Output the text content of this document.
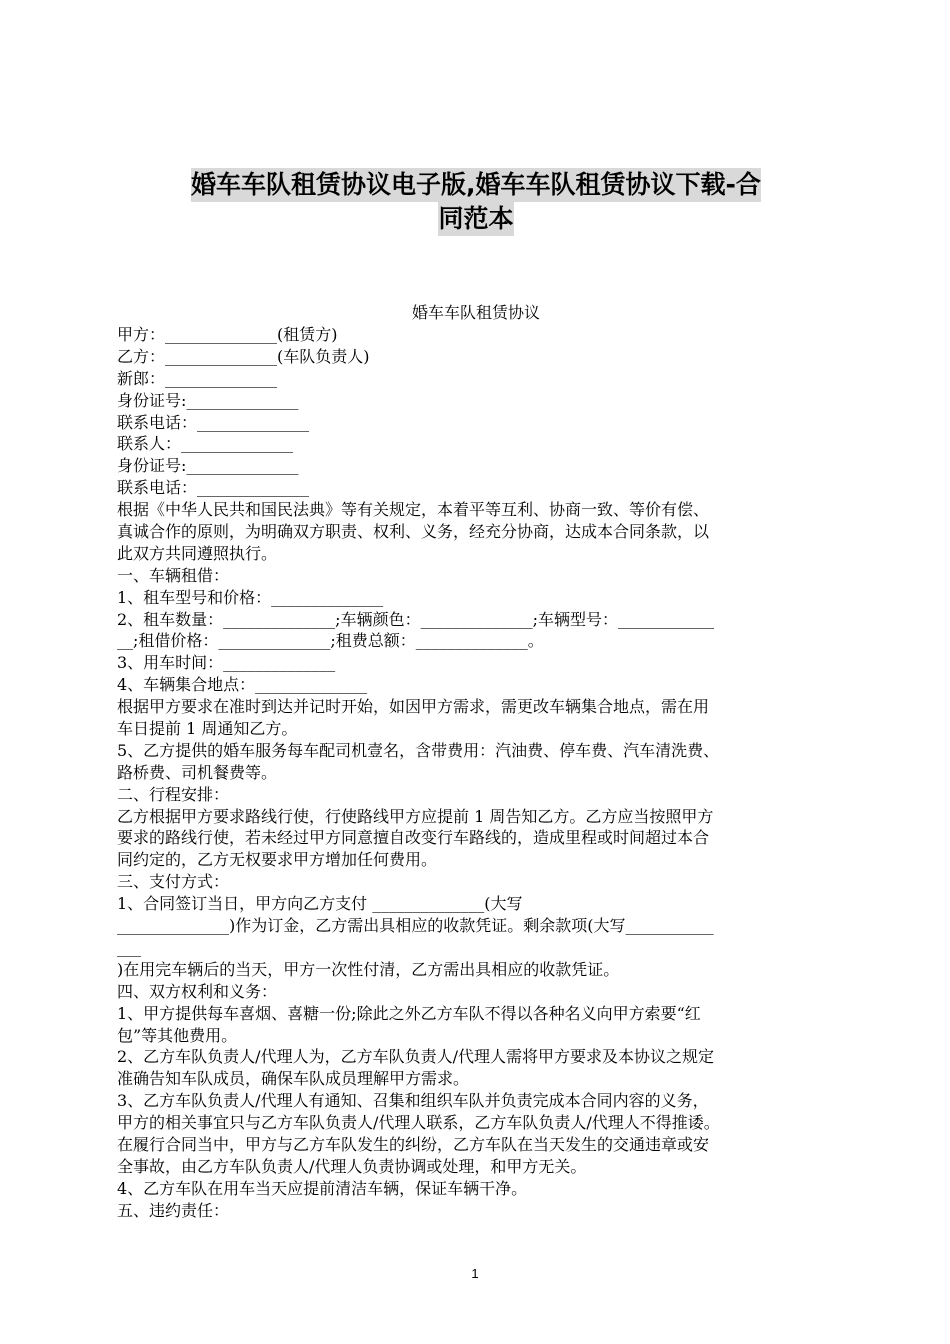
婚车车队租赁协议电子版,婚车车队租赁协议下载-合
同范本
婚车车队租赁协议
甲方：______________(租赁方)
乙方：______________(车队负责人)
新郎：______________
身份证号:______________
联系电话：______________
联系人：______________
身份证号:______________
联系电话：______________
根据《中华人民共和国民法典》等有关规定，本着平等互利、协商一致、等价有偿、
真诚合作的原则，为明确双方职责、权利、义务，经充分协商，达成本合同条款，以
此双方共同遵照执行。
一、车辆租借：
1、租车型号和价格：______________
2、租车数量：______________;车辆颜色：______________;车辆型号：____________
__;租借价格：______________;租费总额：______________。
3、用车时间：______________
4、车辆集合地点：______________
根据甲方要求在准时到达并记时开始，如因甲方需求，需更改车辆集合地点，需在用
车日提前 1 周通知乙方。
5、乙方提供的婚车服务每车配司机壹名，含带费用：汽油费、停车费、汽车清洗费、
路桥费、司机餐费等。
二、行程安排：
乙方根据甲方要求路线行使，行使路线甲方应提前 1 周告知乙方。乙方应当按照甲方
要求的路线行使，若未经过甲方同意擅自改变行车路线的，造成里程或时间超过本合
同约定的，乙方无权要求甲方增加任何费用。
三、支付方式：
1、合同签订当日，甲方向乙方支付 ______________(大写
______________)作为订金，乙方需出具相应的收款凭证。剩余款项(大写___________
___
)在用完车辆后的当天，甲方一次性付清，乙方需出具相应的收款凭证。
四、双方权利和义务：
1、甲方提供每车喜烟、喜糖一份;除此之外乙方车队不得以各种名义向甲方索要“红
包”等其他费用。
2、乙方车队负责人/代理人为，乙方车队负责人/代理人需将甲方要求及本协议之规定
准确告知车队成员，确保车队成员理解甲方需求。
3、乙方车队负责人/代理人有通知、召集和组织车队并负责完成本合同内容的义务，
甲方的相关事宜只与乙方车队负责人/代理人联系，乙方车队负责人/代理人不得推诿。
在履行合同当中，甲方与乙方车队发生的纠纷，乙方车队在当天发生的交通违章或安
全事故，由乙方车队负责人/代理人负责协调或处理，和甲方无关。
4、乙方车队在用车当天应提前清洁车辆，保证车辆干净。
五、违约责任：
1
